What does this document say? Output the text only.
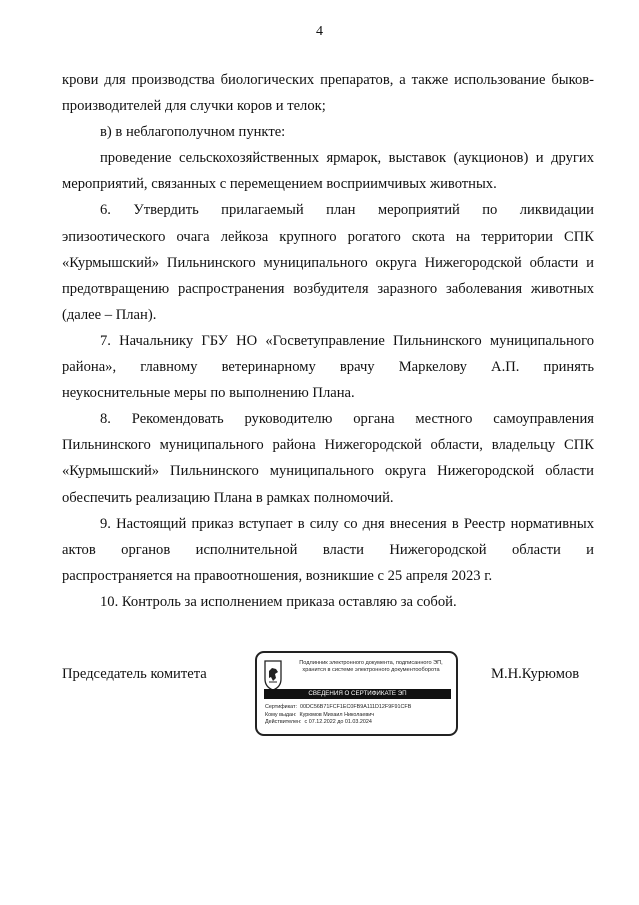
4

крови для производства биологических препаратов, а также использование быков-
производителей для случки коров и телок;

в) в неблагополучном пункте:

проведение сельскохозяйственных ярмарок, выставок (аукционов) и других
мероприятий, связанных с перемещением восприимчивых животных.

6. Утвердить прилагаемый план мероприятий по ликвидации
эпизоотического очага лейкоза крупного рогатого скота на территории СПК
«Курмышский» Пильнинского муниципального округа Нижегородской области и
предотвращению распространения возбудителя заразного заболевания животных
(далее – План).

7. Начальнику ГБУ НО «Госветуправление Пильнинского муниципального
района», главному ветеринарному врачу Маркелову А.П. принять
неукоснительные меры по выполнению Плана.

8. Рекомендовать руководителю органа местного самоуправления
Пильнинского муниципального района Нижегородской области, владельцу СПК
«Курмышский» Пильнинского муниципального округа Нижегородской области
обеспечить реализацию Плана в рамках полномочий.

9. Настоящий приказ вступает в силу со дня внесения в Реестр нормативных
актов органов исполнительной власти Нижегородской области и
распространяется на правоотношения, возникшие с 25 апреля 2023 г.

10. Контроль за исполнением приказа оставляю за собой.

Председатель комитета
Подлинник электронного документа, подписанного ЭП,
хранится в системе электронного документооборота
СВЕДЕНИЯ О СЕРТИФИКАТЕ ЭП
Сертификат: 00DC56B71FCF1EC0FB9A111D12F9F91CFB
Кому выдан: Курюмов Михаил Николаевич
Действителен: с 07.12.2022 до 01.03.2024
М.Н.Курюмов
